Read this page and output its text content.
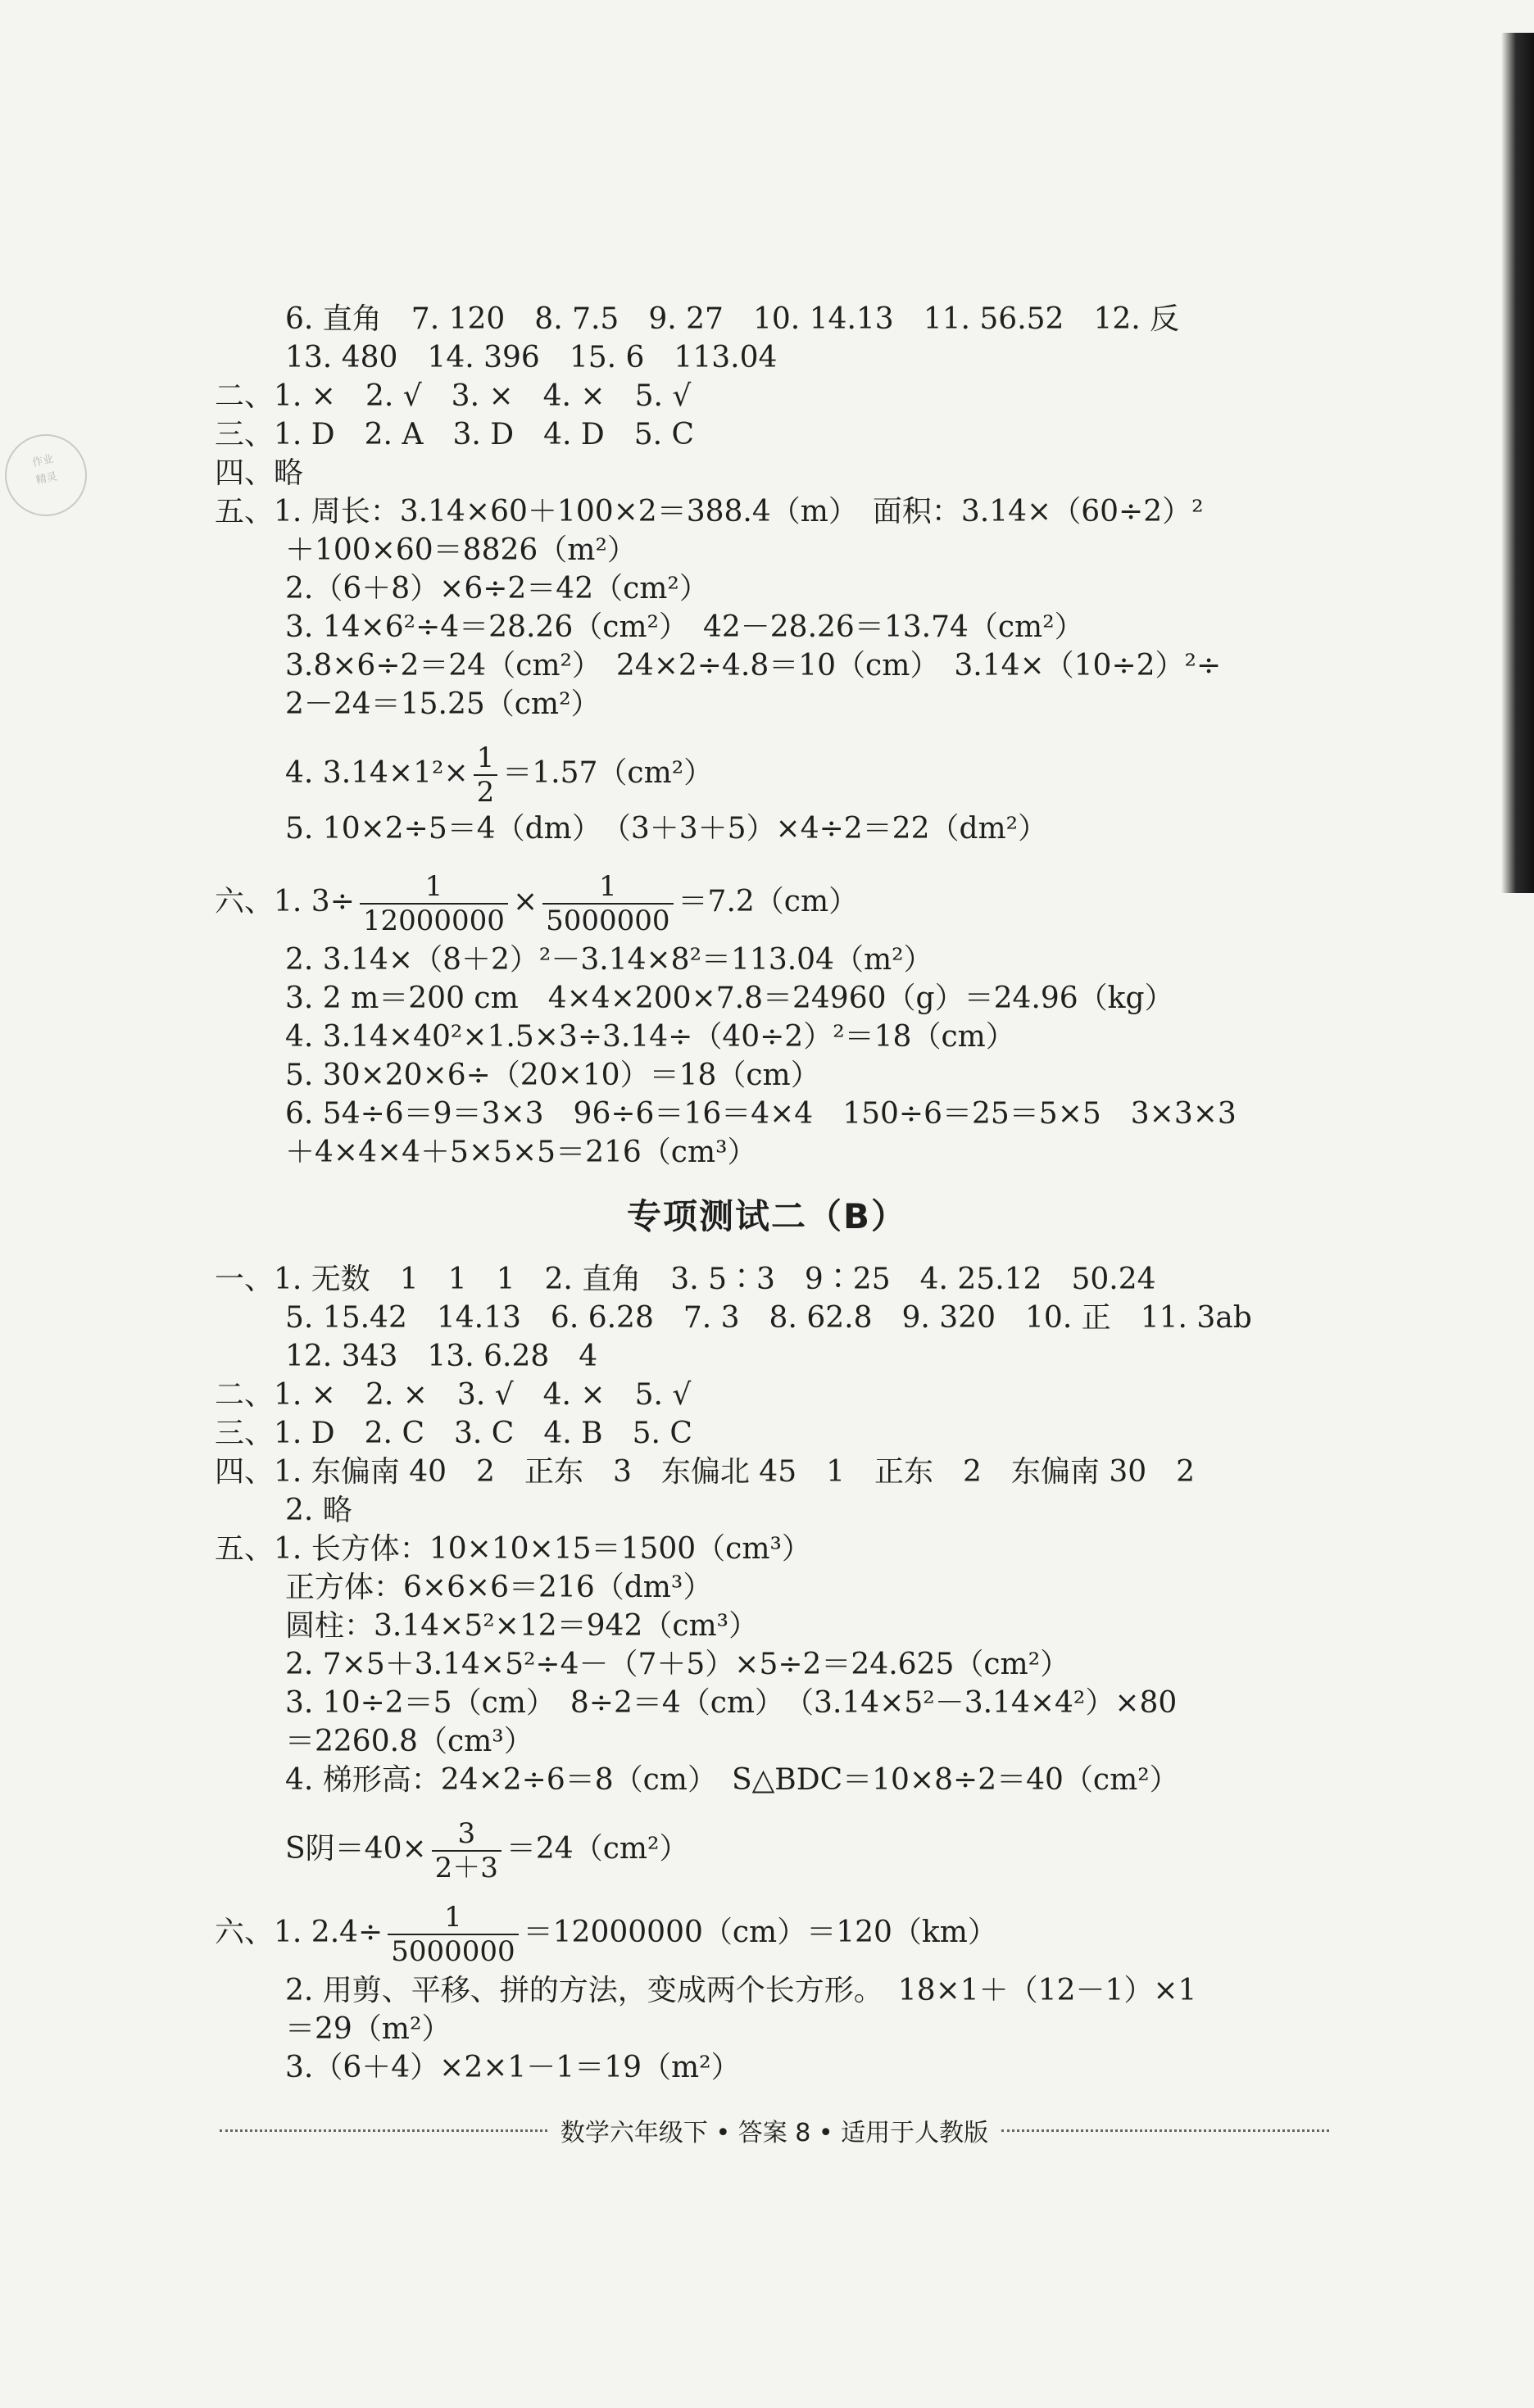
作业
精灵
6. 直角　7. 120　8. 7.5　9. 27　10. 14.13　11. 56.52　12. 反
13. 480　14. 396　15. 6　113.04
二、1. ×　2. √　3. ×　4. ×　5. √
三、1. D　2. A　3. D　4. D　5. C
四、略
五、1. 周长：3.14×60＋100×2＝388.4（m）　面积：3.14×（60÷2）²
＋100×60＝8826（m²）
2.（6＋8）×6÷2＝42（cm²）
3. 14×6²÷4＝28.26（cm²）　42－28.26＝13.74（cm²）
3.8×6÷2＝24（cm²）　24×2÷4.8＝10（cm）　3.14×（10÷2）²÷
2－24＝15.25（cm²）
4. $3.14\times 1^2\times \frac{1}{2} =1.57(cm^2)$
5. 10×2÷5＝4（dm）　（3＋3＋5）×4÷2＝22（dm²）
六、1. $3\div \frac{1}{12000000} \times \frac{1}{5000000} =7.2(cm)$
2. 3.14×（8＋2）²－3.14×8²＝113.04（m²）
3. 2 m＝200 cm　4×4×200×7.8＝24960（g）＝24.96（kg）
4. 3.14×40²×1.5×3÷3.14÷（40÷2）²＝18（cm）
5. 30×20×6÷（20×10）＝18（cm）
6. 54÷6＝9＝3×3　96÷6＝16＝4×4　150÷6＝25＝5×5　3×3×3
＋4×4×4＋5×5×5＝216（cm³）
专项测试二（B）
一、1. 无数　1　1　1　2. 直角　3. 5∶3　9∶25　4. 25.12　50.24
5. 15.42　14.13　6. 6.28　7. 3　8. 62.8　9. 320　10. 正　11. 3ab
12. 343　13. 6.28　4
二、1. ×　2. ×　3. √　4. ×　5. √
三、1. D　2. C　3. C　4. B　5. C
四、1. 东偏南 40　2　正东　3　东偏北 45　1　正东　2　东偏南 30　2
2. 略
五、1. 长方体：10×10×15＝1500（cm³）
正方体：6×6×6＝216（dm³）
圆柱：3.14×5²×12＝942（cm³）
2. 7×5＋3.14×5²÷4－（7＋5）×5÷2＝24.625（cm²）
3. 10÷2＝5（cm）　8÷2＝4（cm）　（3.14×5²－3.14×4²）×80
＝2260.8（cm³）
4. 梯形高：24×2÷6＝8（cm）　S△BDC＝10×8÷2＝40（cm²）
S阴$=40\times \frac{3}{2+3} =24(cm^2)$
六、1. $2.4\div \frac{1}{5000000} =12000000(cm)=120(km)$
2. 用剪、平移、拼的方法，变成两个长方形。　18×1＋（12－1）×1
＝29（m²）
3.（6＋4）×2×1－1＝19（m²）
数学六年级下 • 答案 8 • 适用于人教版
